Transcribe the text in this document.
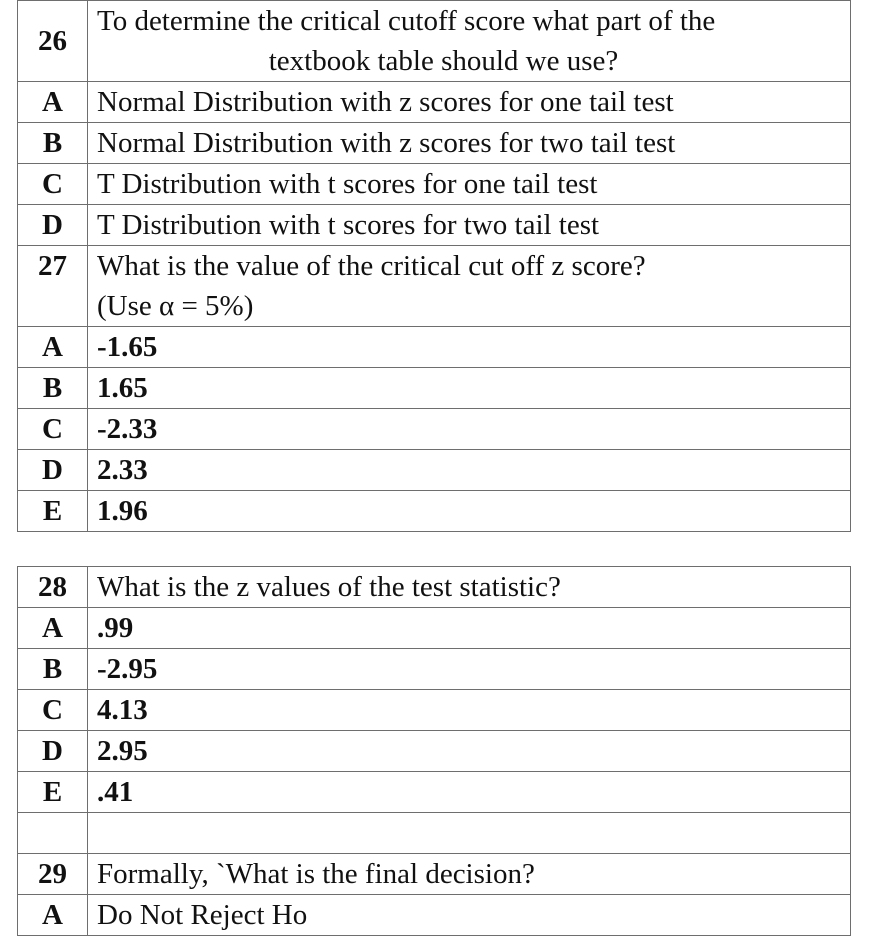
26	To determine the critical cutoff score what part of the
textbook table should we use?

A	Normal Distribution with z scores for one tail test
B	Normal Distribution with z scores for two tail test
C	T Distribution with t scores for one tail test
D	T Distribution with t scores for two tail test
27	What is the value of the critical cut off z score?
(Use α = 5%)

A	-1.65
B	1.65
C	-2.33
D	2.33
E	1.96
28	What is the z values of the test statistic?
A	.99
B	-2.95
C	4.13
D	2.95
E	.41

29	Formally, `What is the final decision?
A	Do Not Reject Ho
